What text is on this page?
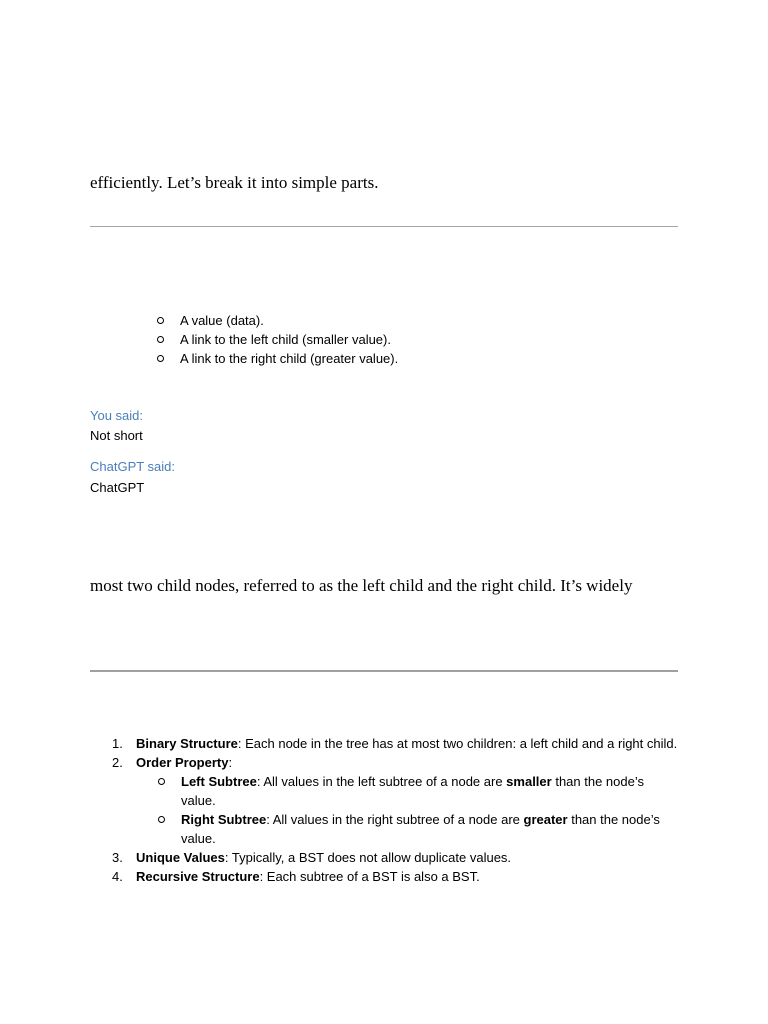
efficiently. Let’s break it into simple parts.
A value (data).
A link to the left child (smaller value).
A link to the right child (greater value).
You said:
Not short
ChatGPT said:
ChatGPT
most two child nodes, referred to as the left child and the right child. It’s widely
1. Binary Structure: Each node in the tree has at most two children: a left child and a right child.
2. Order Property:
Left Subtree: All values in the left subtree of a node are smaller than the node’s value.
Right Subtree: All values in the right subtree of a node are greater than the node’s value.
3. Unique Values: Typically, a BST does not allow duplicate values.
4. Recursive Structure: Each subtree of a BST is also a BST.
